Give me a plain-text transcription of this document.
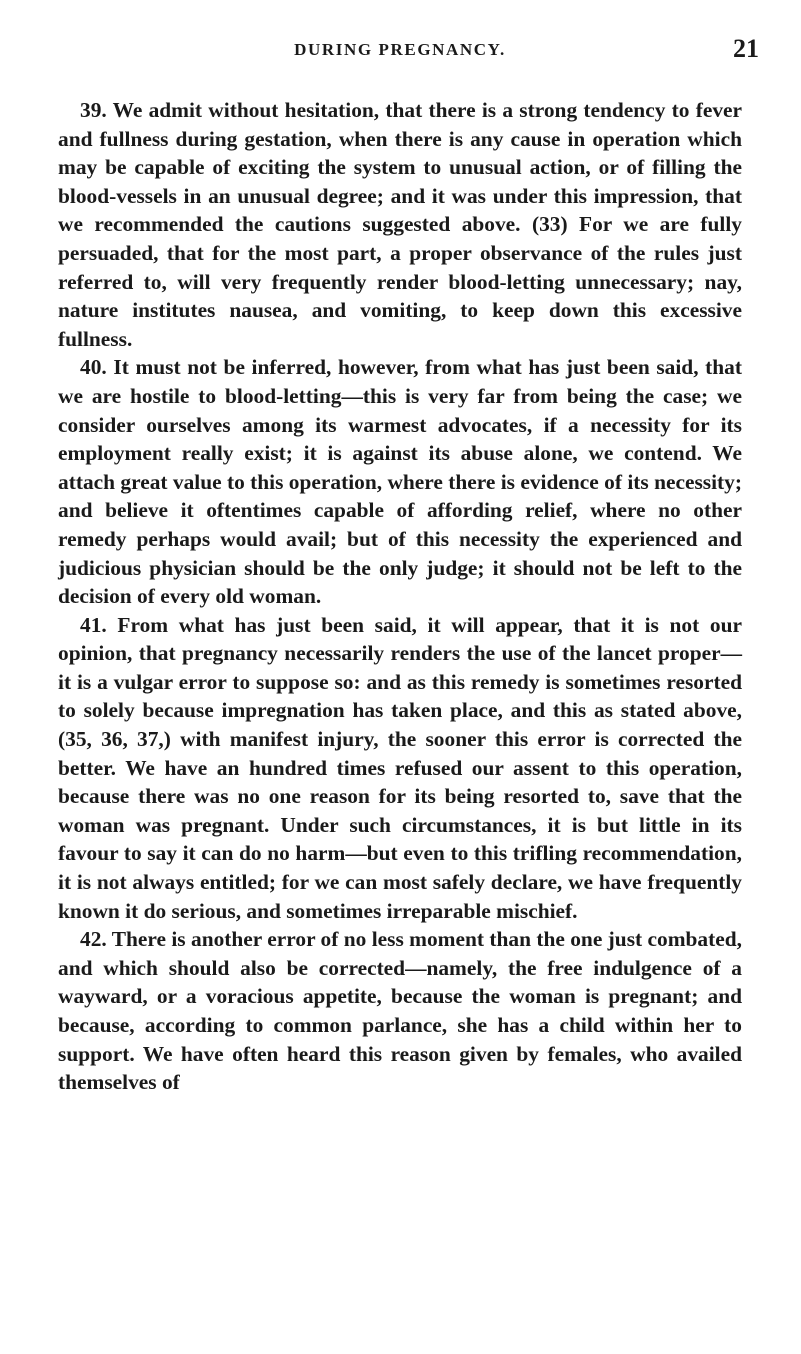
DURING PREGNANCY.	21

39. We admit without hesitation, that there is a strong tendency to fever and fullness during gestation, when there is any cause in operation which may be capable of exciting the system to unusual action, or of filling the blood-vessels in an unusual degree; and it was under this impression, that we recommended the cautions suggested above. (33) For we are fully persuaded, that for the most part, a proper observance of the rules just referred to, will very frequently render blood-letting unnecessary; nay, nature institutes nausea, and vomiting, to keep down this excessive fullness.

40. It must not be inferred, however, from what has just been said, that we are hostile to blood-letting—this is very far from being the case; we consider ourselves among its warmest advocates, if a necessity for its employment really exist; it is against its abuse alone, we contend. We attach great value to this operation, where there is evidence of its necessity; and believe it oftentimes capable of affording relief, where no other remedy perhaps would avail; but of this necessity the experienced and judicious physician should be the only judge; it should not be left to the decision of every old woman.

41. From what has just been said, it will appear, that it is not our opinion, that pregnancy necessarily renders the use of the lancet proper—it is a vulgar error to suppose so: and as this remedy is sometimes resorted to solely because impregnation has taken place, and this as stated above, (35, 36, 37,) with manifest injury, the sooner this error is corrected the better. We have an hundred times refused our assent to this operation, because there was no one reason for its being resorted to, save that the woman was pregnant. Under such circumstances, it is but little in its favour to say it can do no harm—but even to this trifling recommendation, it is not always entitled; for we can most safely declare, we have frequently known it do serious, and sometimes irreparable mischief.

42. There is another error of no less moment than the one just combated, and which should also be corrected—namely, the free indulgence of a wayward, or a voracious appetite, because the woman is pregnant; and because, according to common parlance, she has a child within her to support. We have often heard this reason given by females, who availed themselves of
